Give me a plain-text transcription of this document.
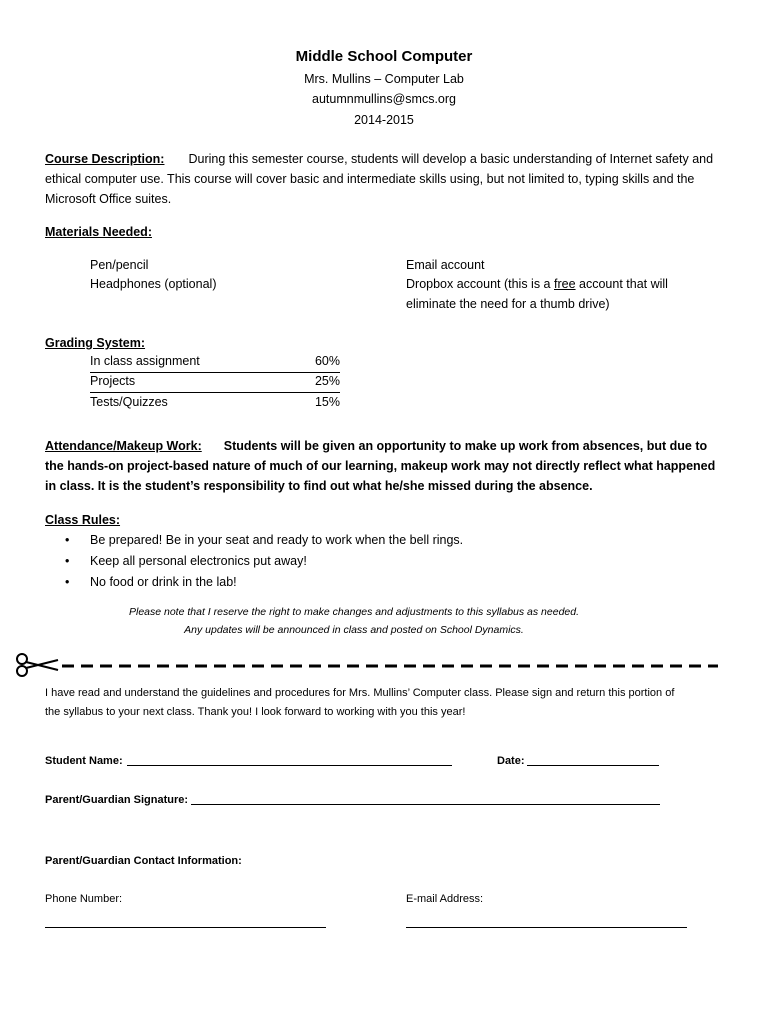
Middle School Computer
Mrs. Mullins – Computer Lab
autumnmullins@smcs.org
2014-2015
Course Description: During this semester course, students will develop a basic understanding of Internet safety and ethical computer use. This course will cover basic and intermediate skills using, but not limited to, typing skills and the Microsoft Office suites.
Materials Needed:
Pen/pencil
Headphones (optional)
Email account
Dropbox account (this is a free account that will
eliminate the need for a thumb drive)
Grading System:
In class assignment	60%
Projects	25%
Tests/Quizzes	15%
Attendance/Makeup Work: Students will be given an opportunity to make up work from absences, but due to the hands-on project-based nature of much of our learning, makeup work may not directly reflect what happened in class. It is the student’s responsibility to find out what he/she missed during the absence.
Class Rules:
• Be prepared! Be in your seat and ready to work when the bell rings.
• Keep all personal electronics put away!
• No food or drink in the lab!
Please note that I reserve the right to make changes and adjustments to this syllabus as needed.
Any updates will be announced in class and posted on School Dynamics.
I have read and understand the guidelines and procedures for Mrs. Mullins’ Computer class. Please sign and return this portion of
the syllabus to your next class. Thank you! I look forward to working with you this year!
Student Name:	Date:
Parent/Guardian Signature:
Parent/Guardian Contact Information:
Phone Number:	E-mail Address:
